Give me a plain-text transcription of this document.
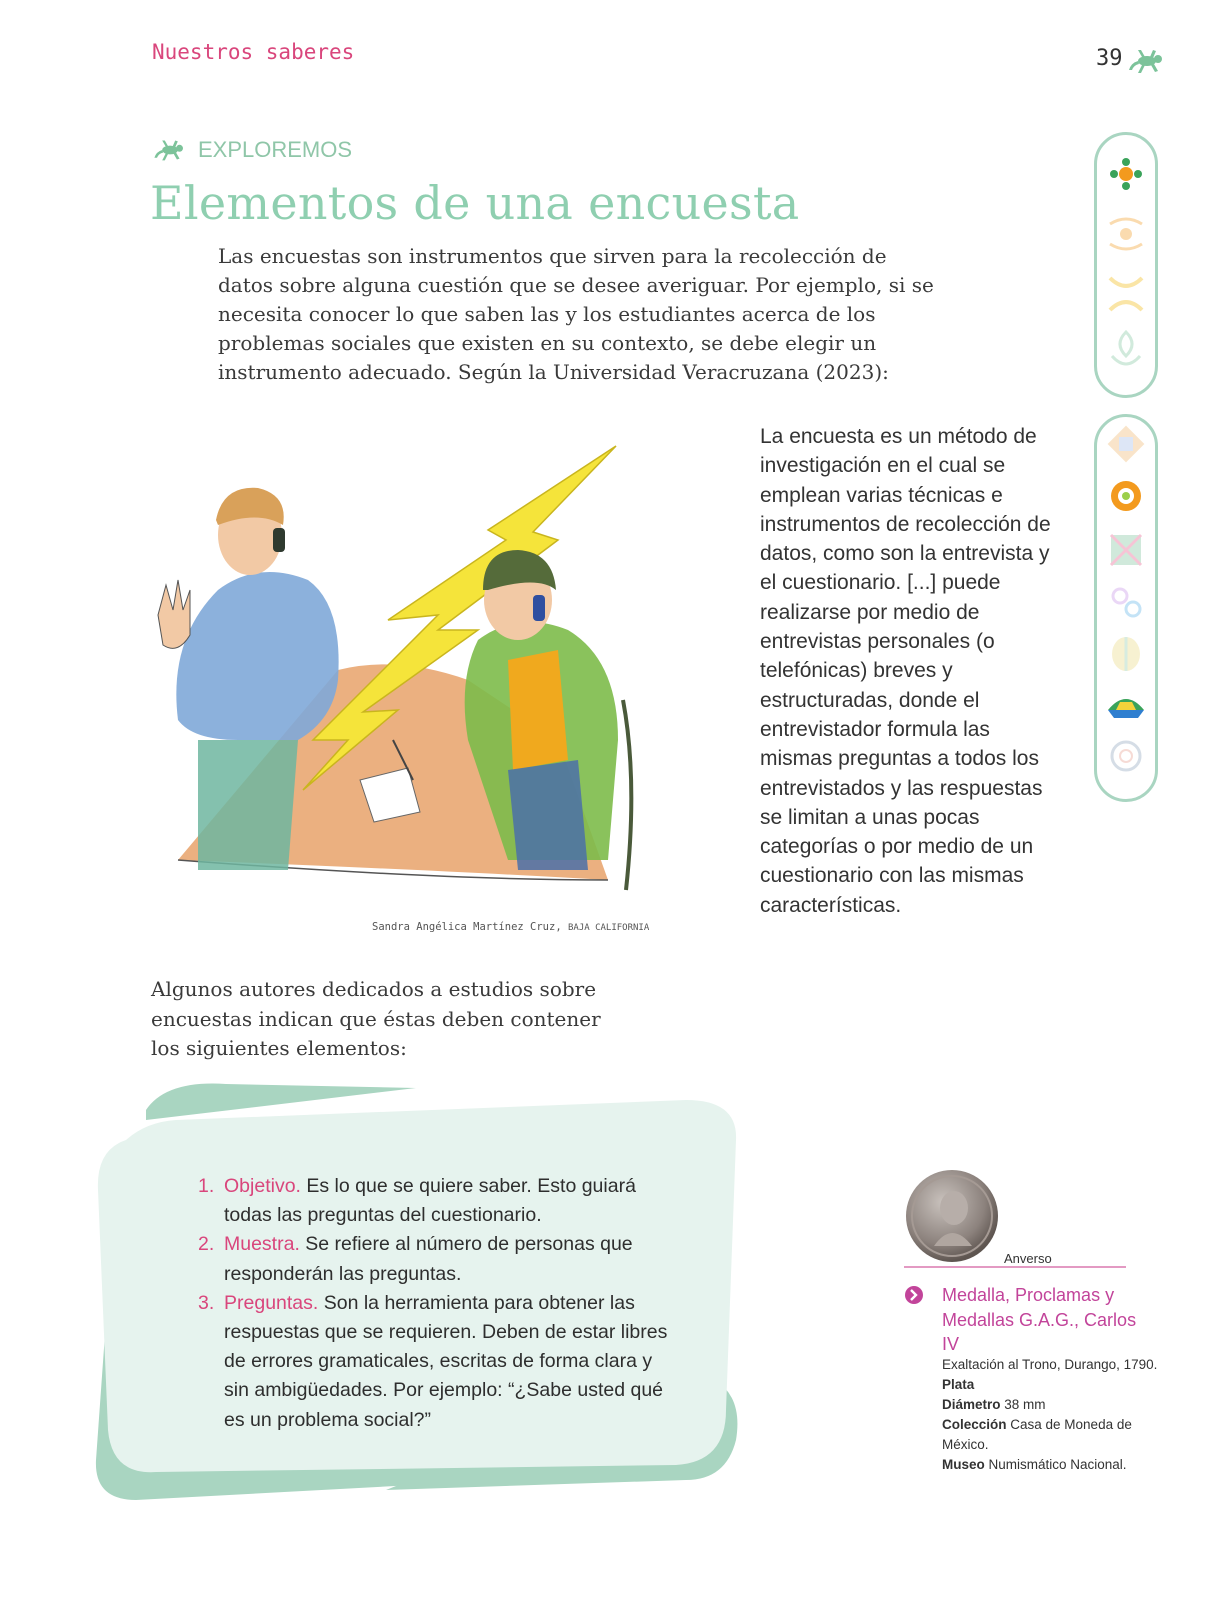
Nuestros saberes	39
EXPLOREMOS
Elementos de una encuesta
Las encuestas son instrumentos que sirven para la recolección de datos sobre alguna cuestión que se desee averiguar. Por ejemplo, si se necesita conocer lo que saben las y los estudiantes acerca de los problemas sociales que existen en su contexto, se debe elegir un instrumento adecuado. Según la Universidad Veracruzana (2023):
Sandra Angélica Martínez Cruz, BAJA CALIFORNIA
La encuesta es un método de investigación en el cual se emplean varias técnicas e instrumentos de recolección de datos, como son la entrevista y el cuestionario. [...] puede realizarse por medio de entrevistas personales (o telefónicas) breves y estructuradas, donde el entrevistador formula las mismas preguntas a todos los entrevistados y las respuestas se limitan a unas pocas categorías o por medio de un cuestionario con las mismas características.
Algunos autores dedicados a estudios sobre encuestas indican que éstas deben contener los siguientes elementos:
1. Objetivo. Es lo que se quiere saber. Esto guiará todas las preguntas del cuestionario.
2. Muestra. Se refiere al número de personas que responderán las preguntas.
3. Preguntas. Son la herramienta para obtener las respuestas que se requieren. Deben de estar libres de errores gramaticales, escritas de forma clara y sin ambigüedades. Por ejemplo: “¿Sabe usted qué es un problema social?”
Anverso
Medalla, Proclamas y Medallas G.A.G., Carlos IV
Exaltación al Trono, Durango, 1790.
Plata
Diámetro 38 mm
Colección Casa de Moneda de México.
Museo Numismático Nacional.
